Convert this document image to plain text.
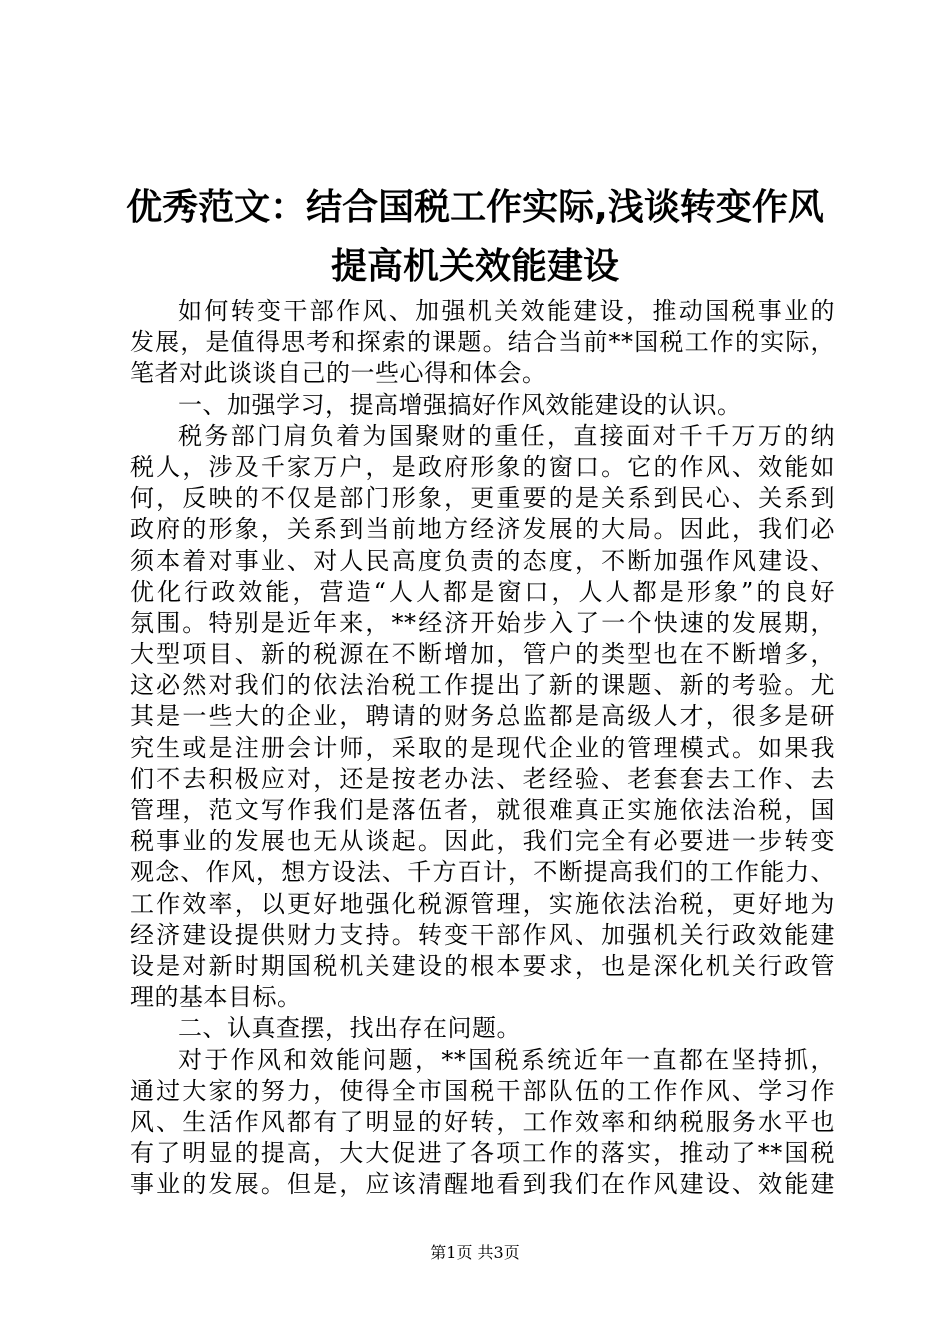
优秀范文：结合国税工作实际,浅谈转变作风
提高机关效能建设
如何转变干部作风、加强机关效能建设，推动国税事业的
发展，是值得思考和探索的课题。结合当前**国税工作的实际，
笔者对此谈谈自己的一些心得和体会。
一、加强学习，提高增强搞好作风效能建设的认识。
税务部门肩负着为国聚财的重任，直接面对千千万万的纳
税人，涉及千家万户，是政府形象的窗口。它的作风、效能如
何，反映的不仅是部门形象，更重要的是关系到民心、关系到
政府的形象，关系到当前地方经济发展的大局。因此，我们必
须本着对事业、对人民高度负责的态度，不断加强作风建设、
优化行政效能，营造“人人都是窗口，人人都是形象”的良好
氛围。特别是近年来，**经济开始步入了一个快速的发展期，
大型项目、新的税源在不断增加，管户的类型也在不断增多，
这必然对我们的依法治税工作提出了新的课题、新的考验。尤
其是一些大的企业，聘请的财务总监都是高级人才，很多是研
究生或是注册会计师，采取的是现代企业的管理模式。如果我
们不去积极应对，还是按老办法、老经验、老套套去工作、去
管理，范文写作我们是落伍者，就很难真正实施依法治税，国
税事业的发展也无从谈起。因此，我们完全有必要进一步转变
观念、作风，想方设法、千方百计，不断提高我们的工作能力、
工作效率，以更好地强化税源管理，实施依法治税，更好地为
经济建设提供财力支持。转变干部作风、加强机关行政效能建
设是对新时期国税机关建设的根本要求，也是深化机关行政管
理的基本目标。
二、认真查摆，找出存在问题。
对于作风和效能问题，**国税系统近年一直都在坚持抓，
通过大家的努力，使得全市国税干部队伍的工作作风、学习作
风、生活作风都有了明显的好转，工作效率和纳税服务水平也
有了明显的提高，大大促进了各项工作的落实，推动了**国税
事业的发展。但是，应该清醒地看到我们在作风建设、效能建
第1页 共3页
